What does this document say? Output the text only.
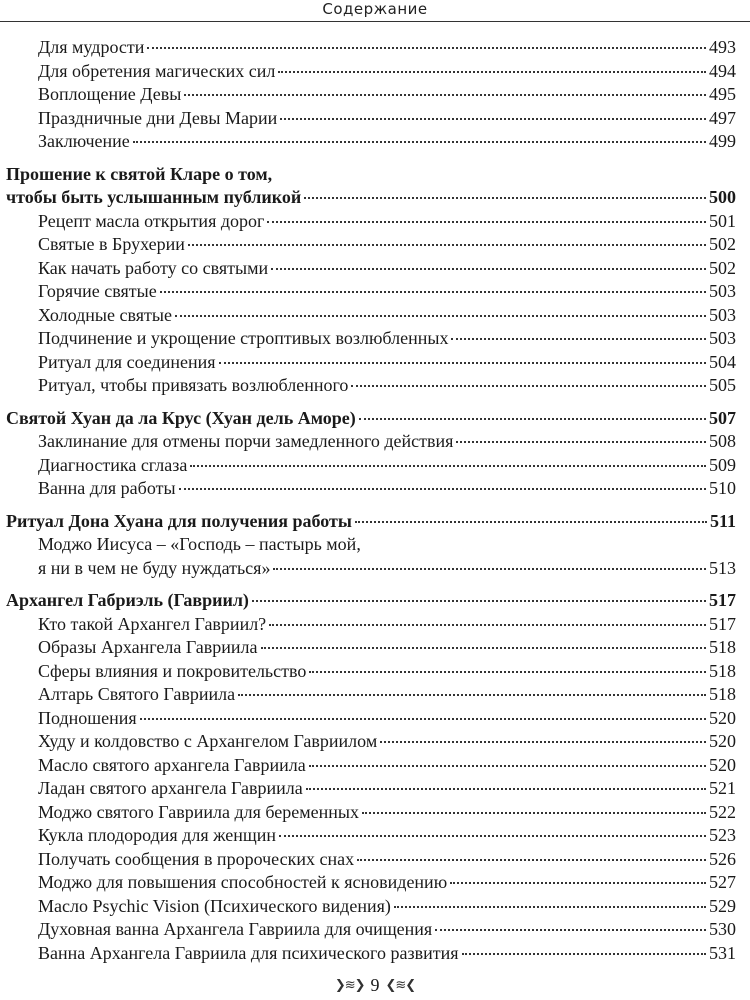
Содержание
Для мудрости	493
Для обретения магических сил	494
Воплощение Девы	495
Праздничные дни Девы Марии	497
Заключение	499
Прошение к святой Кларе о том,
чтобы быть услышанным публикой	500
Рецепт масла открытия дорог	501
Святые в Брухерии	502
Как начать работу со святыми	502
Горячие святые	503
Холодные святые	503
Подчинение и укрощение строптивых возлюбленных	503
Ритуал для соединения	504
Ритуал, чтобы привязать возлюбленного	505
Святой Хуан да ла Крус (Хуан дель Аморе)	507
Заклинание для отмены порчи замедленного действия	508
Диагностика сглаза	509
Ванна для работы	510
Ритуал Дона Хуана для получения работы	511
Моджо Иисуса – «Господь – пастырь мой,
я ни в чем не буду нуждаться»	513
Архангел Габриэль (Гавриил)	517
Кто такой Архангел Гавриил?	517
Образы Архангела Гавриила	518
Сферы влияния и покровительство	518
Алтарь Святого Гавриила	518
Подношения	520
Худу и колдовство с Архангелом Гавриилом	520
Масло святого архангела Гавриила	520
Ладан святого архангела Гавриила	521
Моджо святого Гавриила для беременных	522
Кукла плодородия для женщин	523
Получать сообщения в пророческих снах	526
Моджо для повышения способностей к ясновидению	527
Масло Psychic Vision (Психического видения)	529
Духовная ванна Архангела Гавриила для очищения	530
Ванна Архангела Гавриила для психического развития	531
❯≋❯ 9 ❮≋❮
